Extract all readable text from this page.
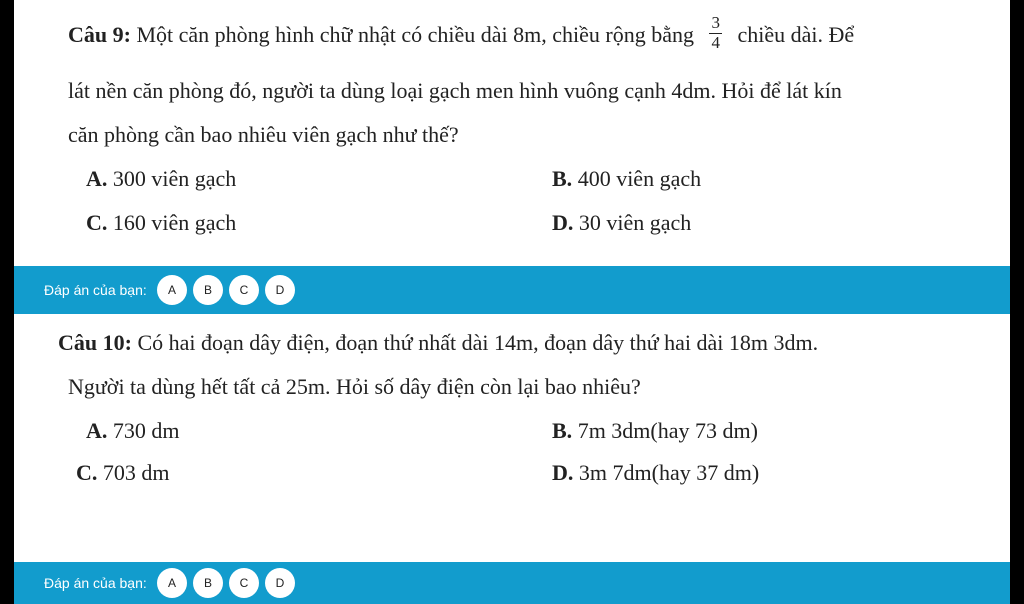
Câu 9: Một căn phòng hình chữ nhật có chiều dài 8m, chiều rộng bằng $\frac{3}{4}$ chiều dài. Để
lát nền căn phòng đó, người ta dùng loại gạch men hình vuông cạnh 4dm. Hỏi để lát kín
căn phòng cần bao nhiêu viên gạch như thế?
A. 300 viên gạch	B. 400 viên gạch
C. 160 viên gạch	D. 30 viên gạch
Đáp án của bạn:	A	B	C	D
Câu 10: Có hai đoạn dây điện, đoạn thứ nhất dài 14m, đoạn dây thứ hai dài 18m 3dm.
Người ta dùng hết tất cả 25m. Hỏi số dây điện còn lại bao nhiêu?
A. 730 dm	B. 7m 3dm(hay 73 dm)
C. 703 dm	D. 3m 7dm(hay 37 dm)
Đáp án của bạn:	A	B	C	D
